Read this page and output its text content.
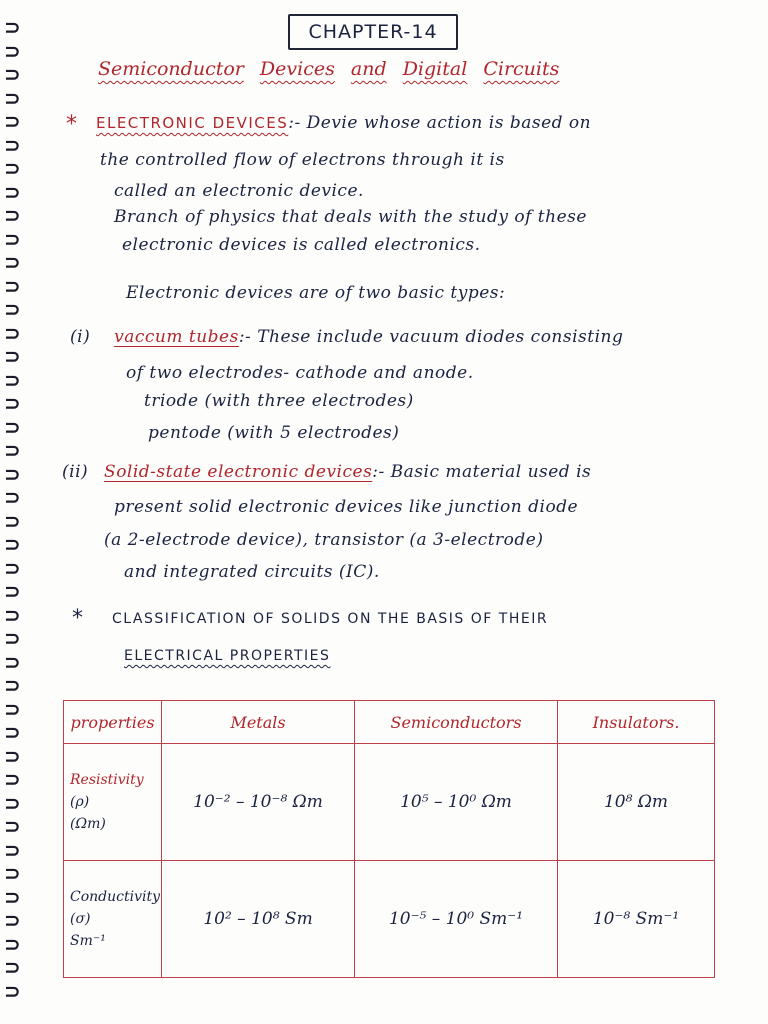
⊃
⊃
⊃
⊃
⊃
⊃
⊃
⊃
⊃
⊃
⊃
⊃
⊃
⊃
⊃
⊃
⊃
⊃
⊃
⊃
⊃
⊃
⊃
⊃
⊃
⊃
⊃
⊃
⊃
⊃
⊃
⊃
⊃
⊃
⊃
⊃
⊃
⊃
⊃
⊃
⊃
⊃
CHAPTER-14
Semiconductor Devices and Digital Circuits
* ELECTRONIC DEVICES:- Devie whose action is based on
the controlled flow of electrons through it is
called an electronic device.
Branch of physics that deals with the study of these
electronic devices is called electronics.
Electronic devices are of two basic types:
(i) vaccum tubes:- These include vacuum diodes consisting
of two electrodes- cathode and anode.
triode (with three electrodes)
pentode (with 5 electrodes)
(ii) Solid-state electronic devices:- Basic material used is
present solid electronic devices like junction diode
(a 2-electrode device), transistor (a 3-electrode)
and integrated circuits (IC).
* CLASSIFICATION OF SOLIDS ON THE BASIS OF THEIR
ELECTRICAL PROPERTIES
properties	Metals	Semiconductors	Insulators.

Resistivity
(ρ)
(Ωm)	10⁻² – 10⁻⁸ Ωm	10⁵ – 10⁰ Ωm	10⁸ Ωm

Conductivity
(σ)
Sm⁻¹	10² – 10⁸ Sm	10⁻⁵ – 10⁰ Sm⁻¹	10⁻⁸ Sm⁻¹
